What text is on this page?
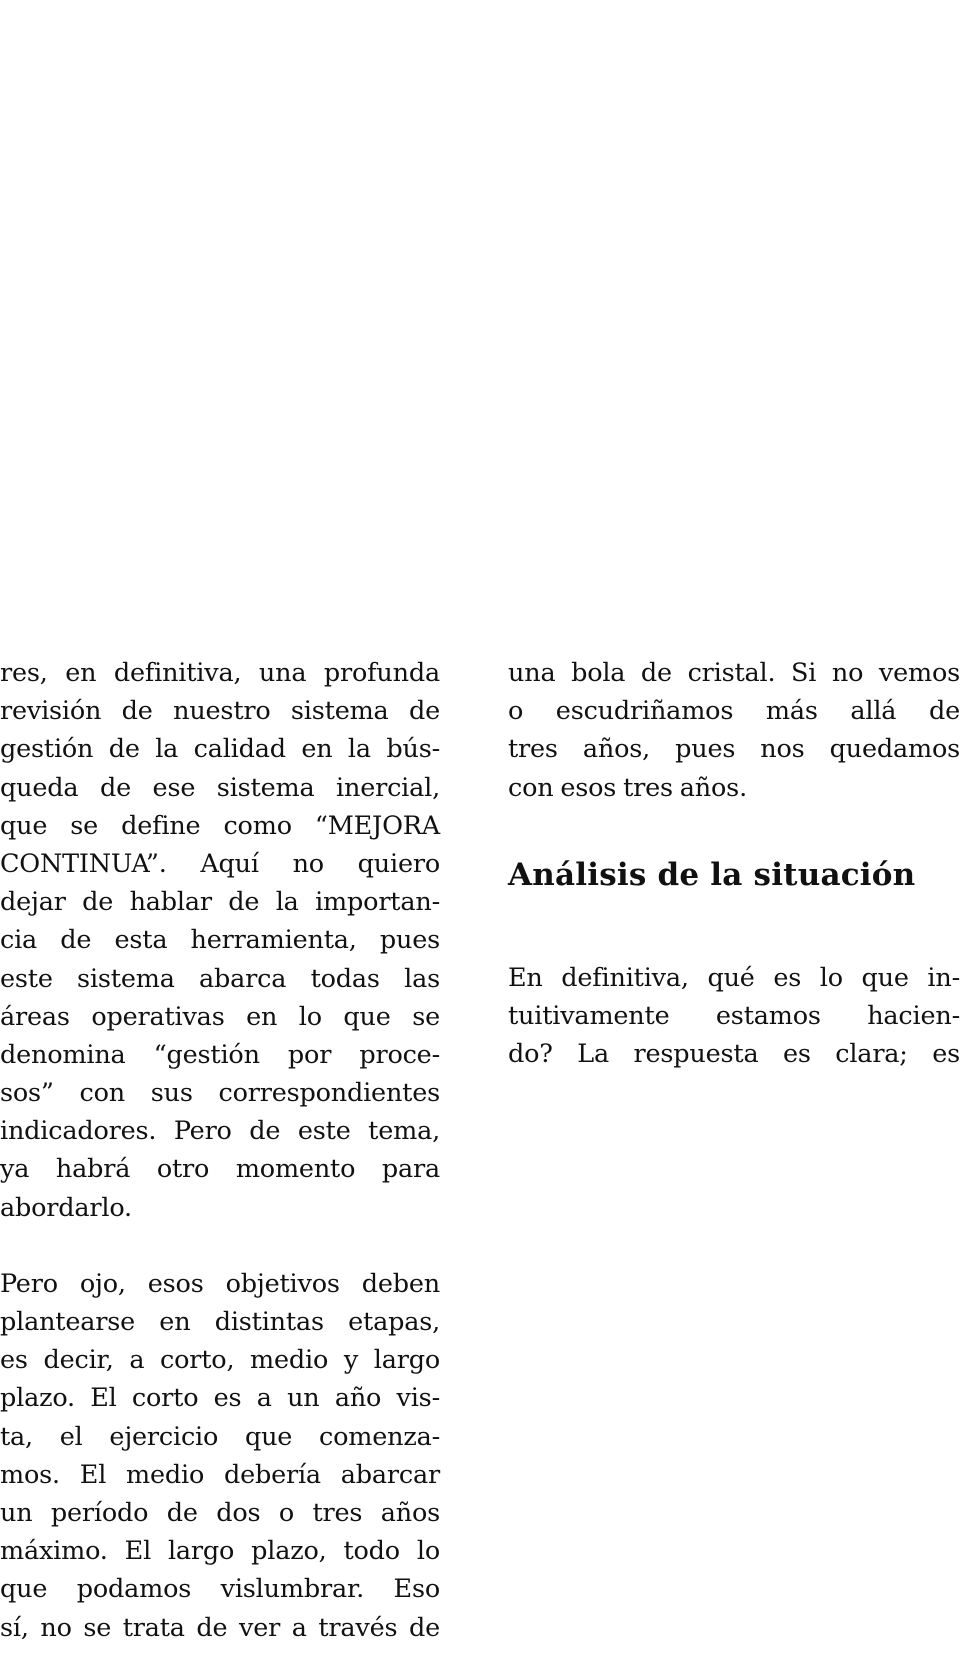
res, en definitiva, una profunda
revisión de nuestro sistema de
gestión de la calidad en la bús-
queda de ese sistema inercial,
que se define como “MEJORA
CONTINUA”. Aquí no quiero
dejar de hablar de la importan-
cia de esta herramienta, pues
este sistema abarca todas las
áreas operativas en lo que se
denomina “gestión por proce-
sos” con sus correspondientes
indicadores. Pero de este tema,
ya habrá otro momento para
abordarlo.
Pero ojo, esos objetivos deben
plantearse en distintas etapas,
es decir, a corto, medio y largo
plazo. El corto es a un año vis-
ta, el ejercicio que comenza-
mos. El medio debería abarcar
un período de dos o tres años
máximo. El largo plazo, todo lo
que podamos vislumbrar. Eso
sí, no se trata de ver a través de
una bola de cristal. Si no vemos
o escudriñamos más allá de
tres años, pues nos quedamos
con esos tres años.
Análisis de la situación
En definitiva, qué es lo que in-
tuitivamente estamos hacien-
do? La respuesta es clara; es
